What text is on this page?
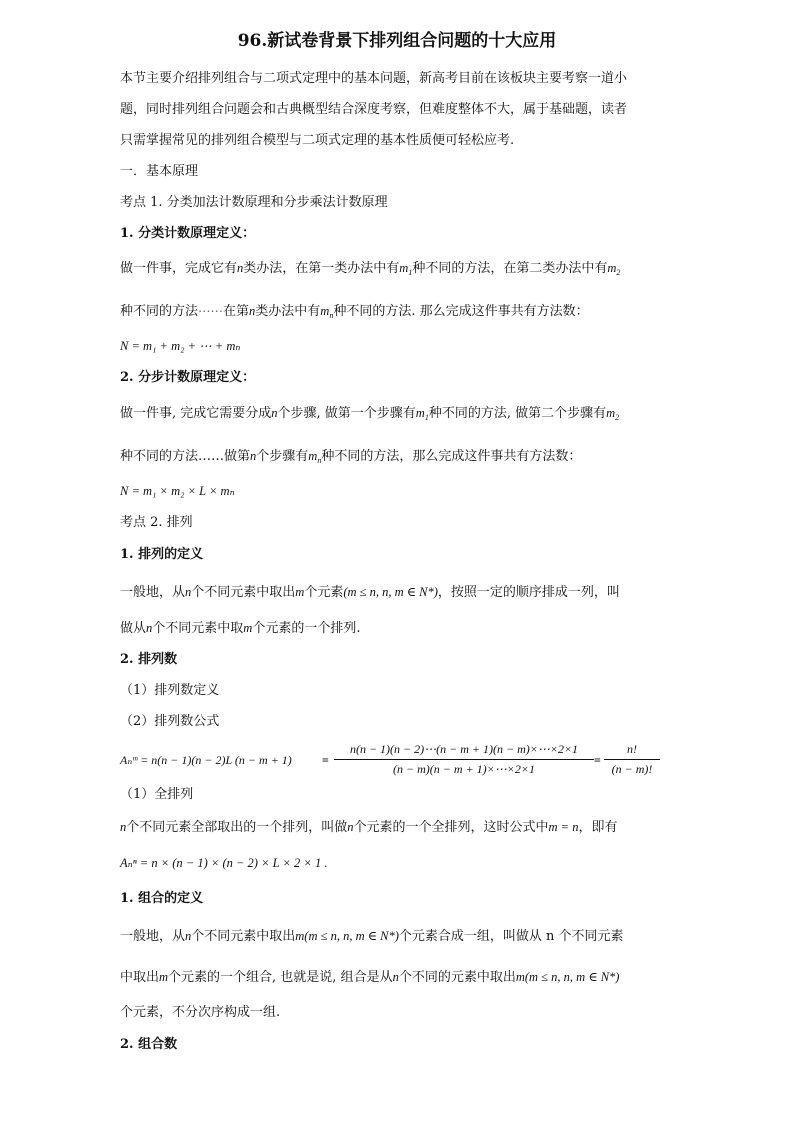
96.新试卷背景下排列组合问题的十大应用
本节主要介绍排列组合与二项式定理中的基本问题，新高考目前在该板块主要考察一道小
题，同时排列组合问题会和古典概型结合深度考察，但难度整体不大，属于基础题，读者
只需掌握常见的排列组合模型与二项式定理的基本性质便可轻松应考.
一．基本原理
考点 1. 分类加法计数原理和分步乘法计数原理
1. 分类计数原理定义：
做一件事，完成它有n类办法，在第一类办法中有$m_1$种不同的方法，在第二类办法中有$m_2$
种不同的方法⋯⋯在第n类办法中有$m_n$种不同的方法. 那么完成这件事共有方法数：
N = m₁ + m₂ + ⋯ + mₙ
2. 分步计数原理定义：
做一件事, 完成它需要分成n个步骤, 做第一个步骤有$m_1$种不同的方法, 做第二个步骤有$m_2$
种不同的方法……做第n个步骤有$m_n$种不同的方法，那么完成这件事共有方法数：
N = m₁ × m₂ × L × mₙ
考点 2. 排列
1. 排列的定义
一般地，从n个不同元素中取出m个元素(m ≤ n, n, m ∈ N*)，按照一定的顺序排成一列，叫
做从n个不同元素中取m个元素的一个排列.
2. 排列数
（1）排列数定义
（2）排列数公式
Aₙᵐ = n(n − 1)(n − 2)L (n − m + 1)	=
n(n − 1)(n − 2)⋯(n − m + 1)(n − m)×⋯×2×1
(n − m)(n − m + 1)×⋯×2×1
=
n!
(n − m)!
（1）全排列
n个不同元素全部取出的一个排列，叫做n个元素的一个全排列，这时公式中m = n，即有
Aₙⁿ = n × (n − 1) × (n − 2) × L × 2 × 1 .
1. 组合的定义
一般地，从n个不同元素中取出m(m ≤ n, n, m ∈ N*)个元素合成一组，叫做从 n 个不同元素
中取出m个元素的一个组合, 也就是说, 组合是从n个不同的元素中取出m(m ≤ n, n, m ∈ N*)
个元素，不分次序构成一组.
2. 组合数
